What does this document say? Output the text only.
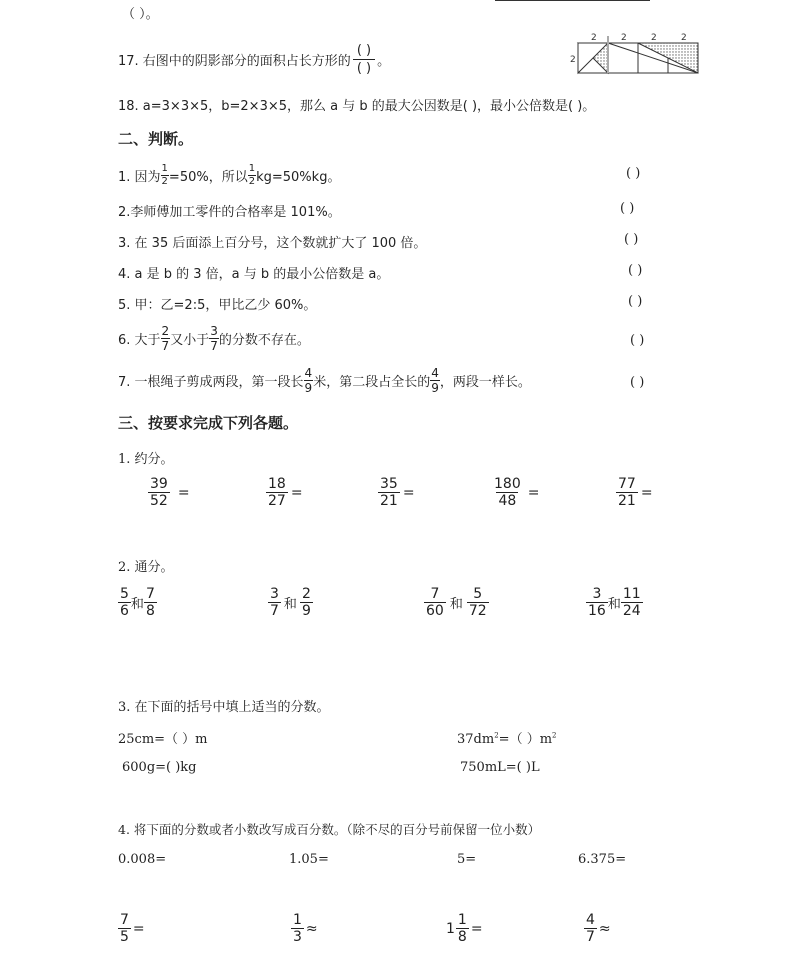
（ ）。
17. 右图中的阴影部分的面积占长方形的 $\frac{( )}{( )}$ 。
2	2	2	2
2
18. a=3×3×5，b=2×3×5，那么 a 与 b 的最大公因数是( )，最小公倍数是( )。
二、判断。
1. 因为 $\frac{1}{2} =50\%$，所以 $\frac{1}{2} kg=50\%kg$。	( )
2.李师傅加工零件的合格率是 101%。	( )
3. 在 35 后面添上百分号，这个数就扩大了 100 倍。	( )
4. a 是 b 的 3 倍，a 与 b 的最小公倍数是 a。	( )
5. 甲：乙=2:5，甲比乙少 60%。	( )
6. 大于 $\frac{2}{7}$ 又小于 $\frac{3}{7}$ 的分数不存在。	( )
7. 一根绳子剪成两段，第一段长 $\frac{4}{9}$ 米，第二段占全长的 $\frac{4}{9}$ ，两段一样长。	( )
三、按要求完成下列各题。
1. 约分。
$\frac{39}{52}$ =	$\frac{18}{27}$ =	$\frac{35}{21}$ =	$\frac{180}{48}$ =	$\frac{77}{21}$ =
2. 通分。
$\frac{5}{6}$ 和 $\frac{7}{8}$	$\frac{3}{7}$ 和 $\frac{2}{9}$	$\frac{7}{60}$ 和 $\frac{5}{72}$	$\frac{3}{16}$ 和 $\frac{11}{24}$
3. 在下面的括号中填上适当的分数。
25cm=（ ）m	$37dm^2=$（ ）$m^2$
600g=( )kg	750mL=( )L
4. 将下面的分数或者小数改写成百分数。（除不尽的百分号前保留一位小数）
0.008=	1.05=	5=	6.375=
$\frac{7}{5}$ =	$\frac{1}{3}$ ≈	$1 \frac{1}{8}$ =	$\frac{4}{7}$ ≈
